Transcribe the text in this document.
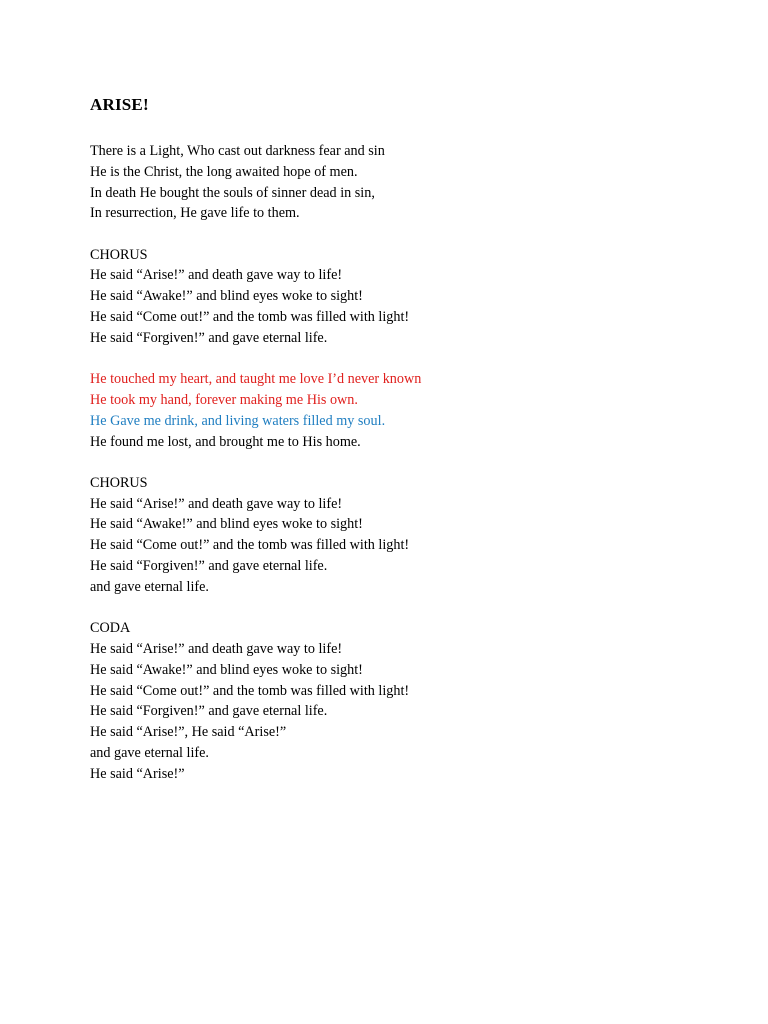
ARISE!
There is a Light, Who cast out darkness fear and sin
He is the Christ, the long awaited hope of men.
In death He bought the souls of sinner dead in sin,
In resurrection, He gave life to them.
CHORUS
He said “Arise!” and death gave way to life!
He said “Awake!” and blind eyes woke to sight!
He said “Come out!” and the tomb was filled with light!
He said “Forgiven!” and gave eternal life.
He touched my heart, and taught me love I’d never known
He took my hand, forever making me His own.
He Gave me drink, and living waters filled my soul.
He found me lost, and brought me to His home.
CHORUS
He said “Arise!” and death gave way to life!
He said “Awake!” and blind eyes woke to sight!
He said “Come out!” and the tomb was filled with light!
He said “Forgiven!” and gave eternal life.
and gave eternal life.
CODA
He said “Arise!” and death gave way to life!
He said “Awake!” and blind eyes woke to sight!
He said “Come out!” and the tomb was filled with light!
He said “Forgiven!” and gave eternal life.
He said “Arise!”, He said “Arise!”
and gave eternal life.
He said “Arise!”
